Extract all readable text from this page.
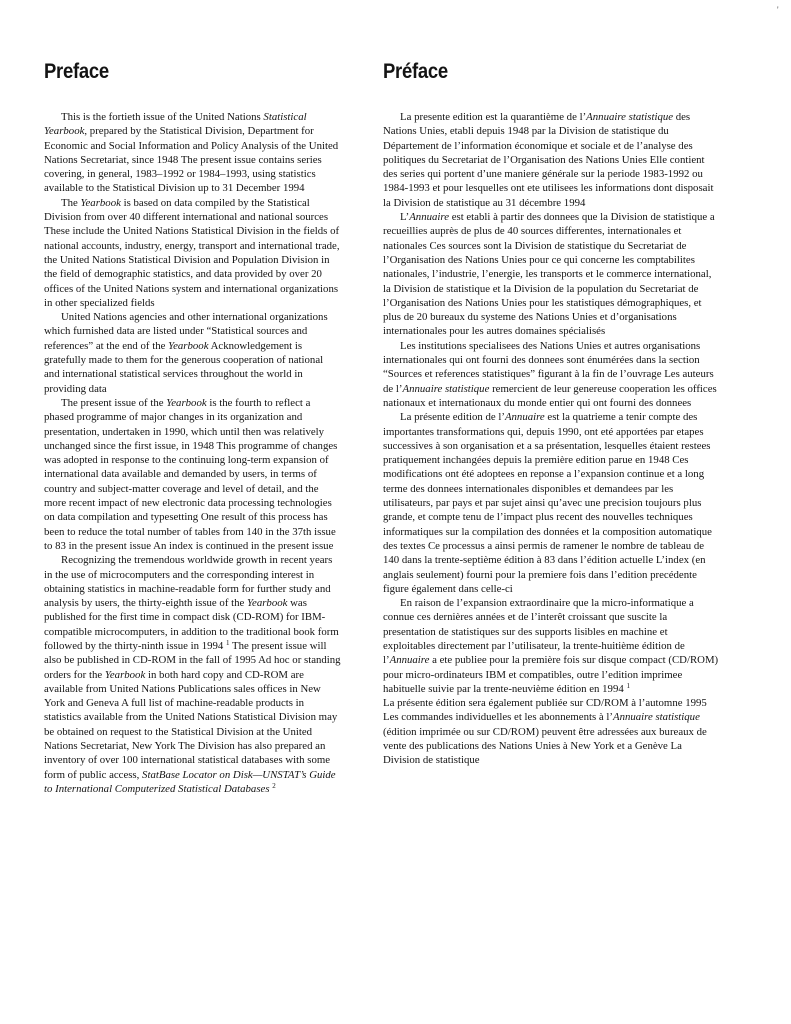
'
Preface

This is the fortieth issue of the United Nations Statistical Yearbook, prepared by the Statistical Division, Department for Economic and Social Information and Policy Analysis of the United Nations Secretariat, since 1948 The present issue contains series covering, in general, 1983–1992 or 1984–1993, using statistics available to the Statistical Division up to 31 December 1994

The Yearbook is based on data compiled by the Statistical Division from over 40 different international and national sources These include the United Nations Statistical Division in the fields of national accounts, industry, energy, transport and international trade, the United Nations Statistical Division and Population Division in the field of demographic statistics, and data provided by over 20 offices of the United Nations system and international organizations in other specialized fields

United Nations agencies and other international organizations which furnished data are listed under “Statistical sources and references” at the end of the Yearbook Acknowledgement is gratefully made to them for the generous cooperation of national and international statistical services throughout the world in providing data

The present issue of the Yearbook is the fourth to reflect a phased programme of major changes in its organization and presentation, undertaken in 1990, which until then was relatively unchanged since the first issue, in 1948 This programme of changes was adopted in response to the continuing long-term expansion of international data available and demanded by users, in terms of country and subject-matter coverage and level of detail, and the more recent impact of new electronic data processing technologies on data compilation and typesetting One result of this process has been to reduce the total number of tables from 140 in the 37th issue to 83 in the present issue An index is continued in the present issue

Recognizing the tremendous worldwide growth in recent years in the use of microcomputers and the corresponding interest in obtaining statistics in machine-readable form for further study and analysis by users, the thirty-eighth issue of the Yearbook was published for the first time in compact disk (CD-ROM) for IBM-compatible microcomputers, in addition to the traditional book form followed by the thirty-ninth issue in 1994 $^1$ The present issue will also be published in CD-ROM in the fall of 1995 Ad hoc or standing orders for the Yearbook in both hard copy and CD-ROM are available from United Nations Publications sales offices in New York and Geneva A full list of machine-readable products in statistics available from the United Nations Statistical Division may be obtained on request to the Statistical Division at the United Nations Secretariat, New York The Division has also prepared an inventory of over 100 international statistical databases with some form of public access, StatBase Locator on Disk—UNSTAT’s Guide to International Computerized Statistical Databases $^2$

Préface

La presente edition est la quarantième de l’Annuaire statistique des Nations Unies, etabli depuis 1948 par la Division de statistique du Département de l’information économique et sociale et de l’analyse des politiques du Secretariat de l’Organisation des Nations Unies Elle contient des series qui portent d’une maniere générale sur la periode 1983-1992 ou 1984-1993 et pour lesquelles ont ete utilisees les informations dont disposait la Division de statistique au 31 décembre 1994

L’Annuaire est etabli à partir des donnees que la Division de statistique a recueillies auprès de plus de 40 sources differentes, internationales et nationales Ces sources sont la Division de statistique du Secretariat de l’Organisation des Nations Unies pour ce qui concerne les comptabilites nationales, l’industrie, l’energie, les transports et le commerce international, la Division de statistique et la Division de la population du Secretariat de l’Organisation des Nations Unies pour les statistiques démographiques, et plus de 20 bureaux du systeme des Nations Unies et d’organisations internationales pour les autres domaines spécialisés

Les institutions specialisees des Nations Unies et autres organisations internationales qui ont fourni des donnees sont énumérées dans la section “Sources et references statistiques” figurant à la fin de l’ouvrage Les auteurs de l’Annuaire statistique remercient de leur genereuse cooperation les offices nationaux et internationaux du monde entier qui ont fourni des donnees

La présente edition de l’Annuaire est la quatrieme a tenir compte des importantes transformations qui, depuis 1990, ont eté apportées par etapes successives à son organisation et a sa présentation, lesquelles étaient restees pratiquement inchangées depuis la première edition parue en 1948 Ces modifications ont été adoptees en reponse a l’expansion continue et a long terme des donnees internationales disponibles et demandees par les utilisateurs, par pays et par sujet ainsi qu’avec une precision toujours plus grande, et compte tenu de l’impact plus recent des nouvelles techniques informatiques sur la compilation des données et la composition automatique des textes Ce processus a ainsi permis de ramener le nombre de tableau de 140 dans la trente-septième édition à 83 dans l’édition actuelle L’index (en anglais seulement) fourni pour la premiere fois dans l’edition precédente figure également dans celle-ci

En raison de l’expansion extraordinaire que la micro-informatique a connue ces dernières années et de l’interêt croissant que suscite la presentation de statistiques sur des supports lisibles en machine et exploitables directement par l’utilisateur, la trente-huitième édition de l’Annuaire a ete publiee pour la première fois sur disque compact (CD/ROM) pour micro-ordinateurs IBM et compatibles, outre l’edition imprimee habituelle suivie par la trente-neuvième édition en 1994 $^1$

La présente édition sera également publiée sur CD/ROM à l’automne 1995 Les commandes individuelles et les abonnements à l’Annuaire statistique (édition imprimée ou sur CD/ROM) peuvent être adressées aux bureaux de vente des publications des Nations Unies à New York et a Genève La Division de statistique
